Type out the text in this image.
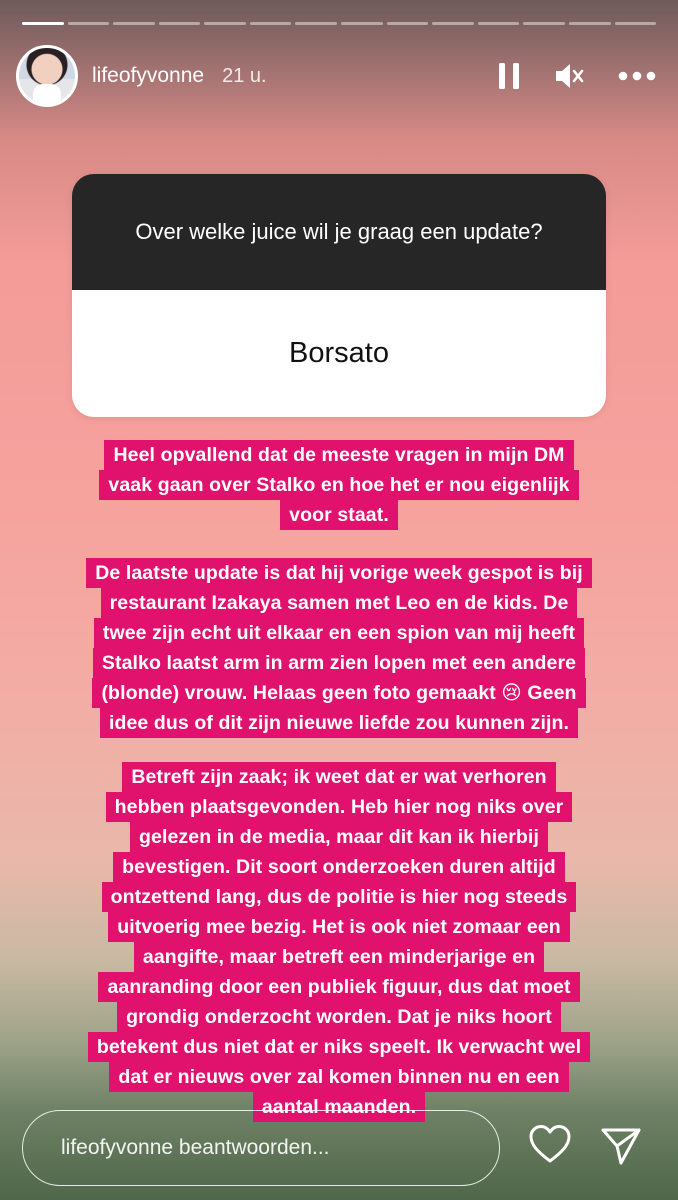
lifeofyvonne 21 u.
Over welke juice wil je graag een update?
Borsato
Heel opvallend dat de meeste vragen in mijn DM
vaak gaan over Stalko en hoe het er nou eigenlijk
voor staat.
De laatste update is dat hij vorige week gespot is bij
restaurant Izakaya samen met Leo en de kids. De
twee zijn echt uit elkaar en een spion van mij heeft
Stalko laatst arm in arm zien lopen met een andere
(blonde) vrouw. Helaas geen foto gemaakt 😢 Geen
idee dus of dit zijn nieuwe liefde zou kunnen zijn.
Betreft zijn zaak; ik weet dat er wat verhoren
hebben plaatsgevonden. Heb hier nog niks over
gelezen in de media, maar dit kan ik hierbij
bevestigen. Dit soort onderzoeken duren altijd
ontzettend lang, dus de politie is hier nog steeds
uitvoerig mee bezig. Het is ook niet zomaar een
aangifte, maar betreft een minderjarige en
aanranding door een publiek figuur, dus dat moet
grondig onderzocht worden. Dat je niks hoort
betekent dus niet dat er niks speelt. Ik verwacht wel
dat er nieuws over zal komen binnen nu en een
aantal maanden.
lifeofyvonne beantwoorden...
